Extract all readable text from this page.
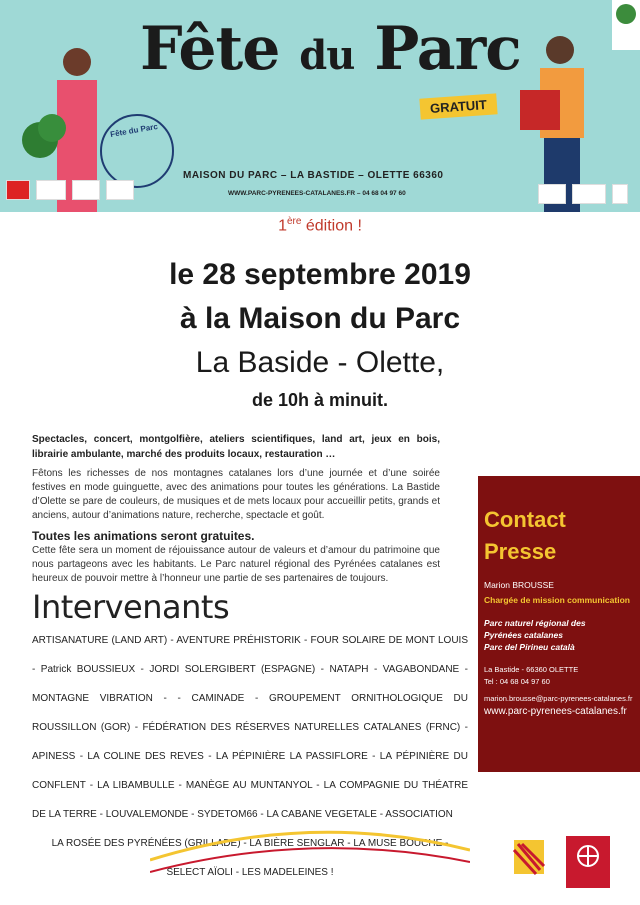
Fête du Parc
GRATUIT
Fête du Parc
MAISON DU PARC – LA BASTIDE – OLETTE 66360
WWW.PARC-PYRENEES-CATALANES.FR – 04 68 04 97 60
1ère édition !
le 28 septembre 2019
à la Maison du Parc
La Baside - Olette,
de 10h à minuit.
Spectacles, concert, montgolfière, ateliers scientifiques, land art, jeux en bois, librairie ambulante, marché des produits locaux, restauration …
Fêtons les richesses de nos montagnes catalanes lors d’une journée et d’une soirée festives en mode guinguette, avec des animations pour toutes les générations. La Bastide d’Olette se pare de couleurs, de musiques et de mets locaux pour accueillir petits, grands et anciens, autour d’animations nature, recherche, spectacle et goût.
Toutes les animations seront gratuites.
Cette fête sera un moment de réjouissance autour de valeurs et d’amour du patrimoine que nous partageons avec les habitants. Le Parc naturel régional des Pyrénées catalanes est heureux de pouvoir mettre à l’honneur une partie de ses partenaires de toujours.
Intervenants
ARTISANATURE (LAND ART) - AVENTURE PRÉHISTORIK - FOUR SOLAIRE DE MONT LOUIS - Patrick BOUSSIEUX - JORDI SOLERGIBERT (ESPAGNE) - NATAPH - VAGABONDANE - MONTAGNE VIBRATION - - CAMINADE - GROUPEMENT ORNITHOLOGIQUE DU ROUSSILLON (GOR) - FÉDÉRATION DES RÉSERVES NATURELLES CATALANES (FRNC) - APINESS - LA COLINE DES REVES - LA PÉPINIÈRE LA PASSIFLORE - LA PÉPINIÈRE DU CONFLENT - LA LIBAMBULLE - MANÈGE AU MUNTANYOL - LA COMPAGNIE DU THÉATRE DE LA TERRE - LOUVALEMONDE - SYDETOM66 - LA CABANE VEGETALE - ASSOCIATION
LA ROSÉE DES PYRÉNÉES (GRILLADE) - LA BIÈRE SENGLAR - LA MUSE BOUCHE - SELECT AÏOLI - LES MADELEINES !
Contact
Presse
Marion BROUSSE
Chargée de mission communication
Parc naturel régional des
Pyrénées catalanes
Parc del Pirineu català
La Bastide - 66360 OLETTE
Tel : 04 68 04 97 60
marion.brousse@parc-pyrenees-catalanes.fr
www.parc-pyrenees-catalanes.fr
